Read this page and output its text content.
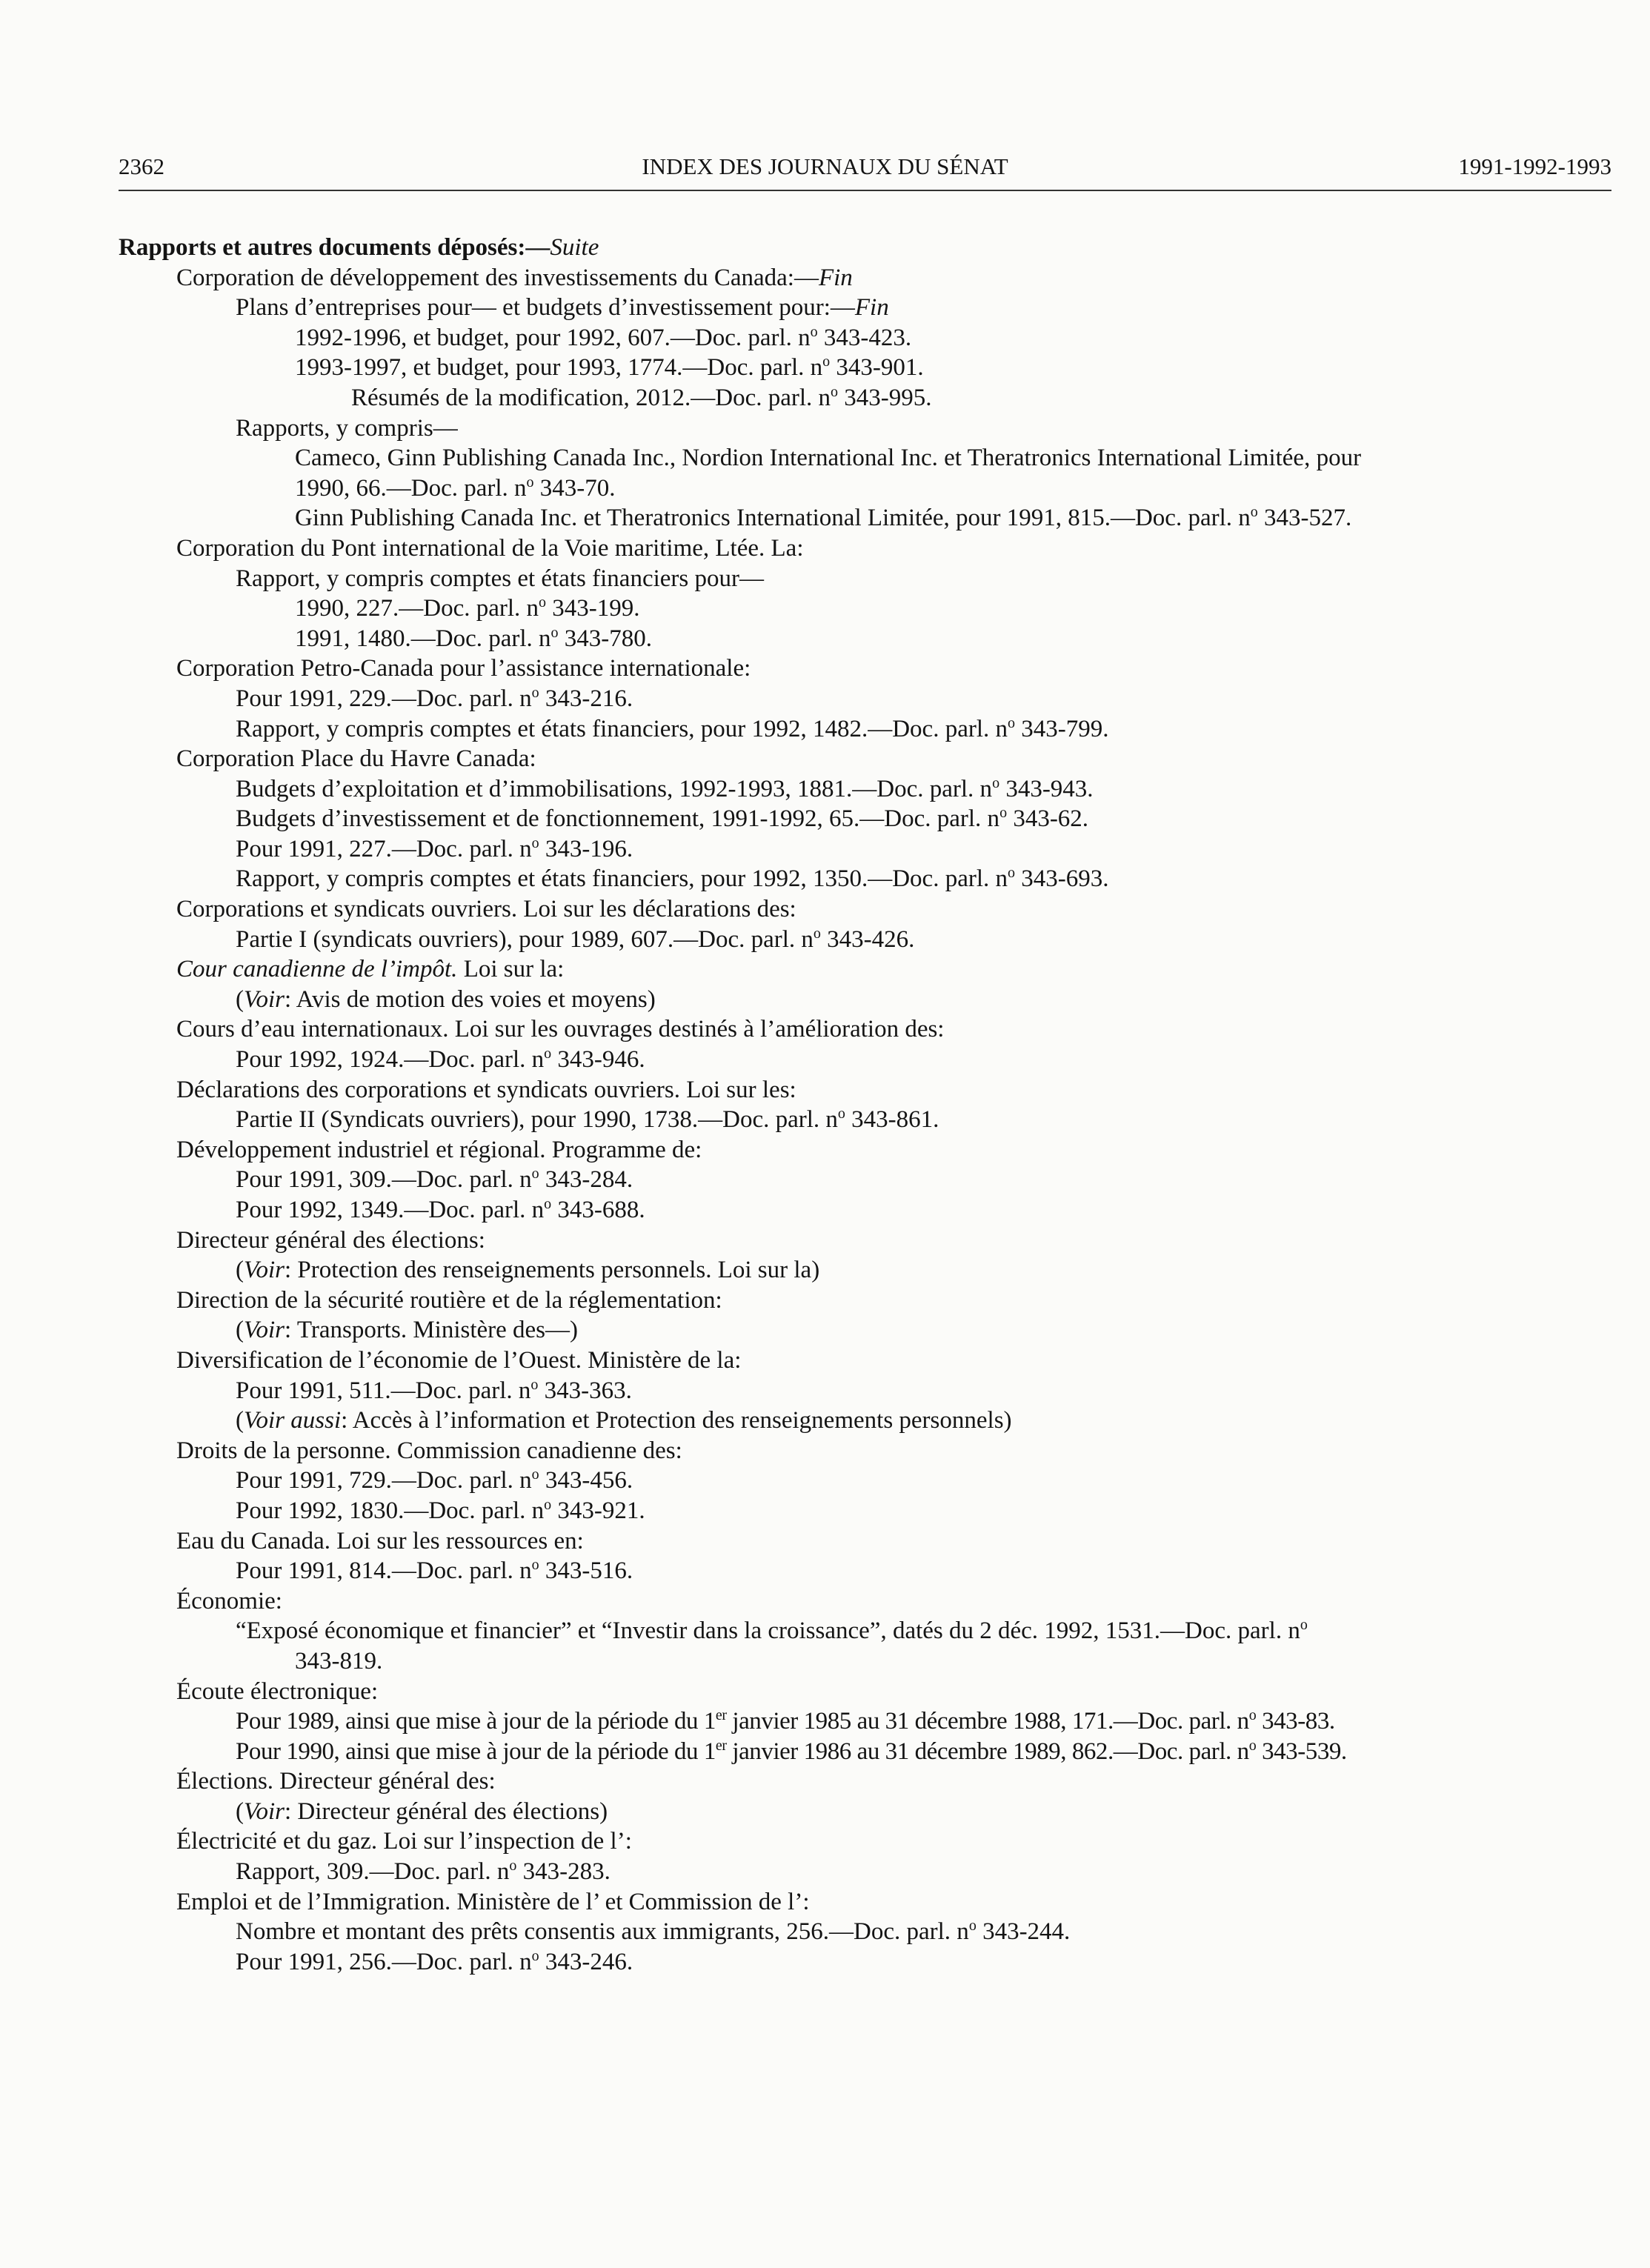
2362	INDEX DES JOURNAUX DU SÉNAT	1991-1992-1993
Rapports et autres documents déposés:—Suite
Corporation de développement des investissements du Canada:—Fin
Plans d’entreprises pour— et budgets d’investissement pour:—Fin
1992-1996, et budget, pour 1992, 607.—Doc. parl. $n^o$ 343-423.
1993-1997, et budget, pour 1993, 1774.—Doc. parl. $n^o$ 343-901.
Résumés de la modification, 2012.—Doc. parl. $n^o$ 343-995.
Rapports, y compris—
Cameco, Ginn Publishing Canada Inc., Nordion International Inc. et Theratronics International Limitée, pour
1990, 66.—Doc. parl. $n^o$ 343-70.
Ginn Publishing Canada Inc. et Theratronics International Limitée, pour 1991, 815.—Doc. parl. $n^o$ 343-527.
Corporation du Pont international de la Voie maritime, Ltée. La:
Rapport, y compris comptes et états financiers pour—
1990, 227.—Doc. parl. $n^o$ 343-199.
1991, 1480.—Doc. parl. $n^o$ 343-780.
Corporation Petro-Canada pour l’assistance internationale:
Pour 1991, 229.—Doc. parl. $n^o$ 343-216.
Rapport, y compris comptes et états financiers, pour 1992, 1482.—Doc. parl. $n^o$ 343-799.
Corporation Place du Havre Canada:
Budgets d’exploitation et d’immobilisations, 1992-1993, 1881.—Doc. parl. $n^o$ 343-943.
Budgets d’investissement et de fonctionnement, 1991-1992, 65.—Doc. parl. $n^o$ 343-62.
Pour 1991, 227.—Doc. parl. $n^o$ 343-196.
Rapport, y compris comptes et états financiers, pour 1992, 1350.—Doc. parl. $n^o$ 343-693.
Corporations et syndicats ouvriers. Loi sur les déclarations des:
Partie I (syndicats ouvriers), pour 1989, 607.—Doc. parl. $n^o$ 343-426.
Cour canadienne de l’impôt. Loi sur la:
(Voir: Avis de motion des voies et moyens)
Cours d’eau internationaux. Loi sur les ouvrages destinés à l’amélioration des:
Pour 1992, 1924.—Doc. parl. $n^o$ 343-946.
Déclarations des corporations et syndicats ouvriers. Loi sur les:
Partie II (Syndicats ouvriers), pour 1990, 1738.—Doc. parl. $n^o$ 343-861.
Développement industriel et régional. Programme de:
Pour 1991, 309.—Doc. parl. $n^o$ 343-284.
Pour 1992, 1349.—Doc. parl. $n^o$ 343-688.
Directeur général des élections:
(Voir: Protection des renseignements personnels. Loi sur la)
Direction de la sécurité routière et de la réglementation:
(Voir: Transports. Ministère des—)
Diversification de l’économie de l’Ouest. Ministère de la:
Pour 1991, 511.—Doc. parl. $n^o$ 343-363.
(Voir aussi: Accès à l’information et Protection des renseignements personnels)
Droits de la personne. Commission canadienne des:
Pour 1991, 729.—Doc. parl. $n^o$ 343-456.
Pour 1992, 1830.—Doc. parl. $n^o$ 343-921.
Eau du Canada. Loi sur les ressources en:
Pour 1991, 814.—Doc. parl. $n^o$ 343-516.
Économie:
“Exposé économique et financier” et “Investir dans la croissance”, datés du 2 déc. 1992, 1531.—Doc. parl. $n^o$
343-819.
Écoute électronique:
Pour 1989, ainsi que mise à jour de la période du 1er janvier 1985 au 31 décembre 1988, 171.—Doc. parl. $n^o$ 343-83.
Pour 1990, ainsi que mise à jour de la période du 1er janvier 1986 au 31 décembre 1989, 862.—Doc. parl. $n^o$ 343-539.
Élections. Directeur général des:
(Voir: Directeur général des élections)
Électricité et du gaz. Loi sur l’inspection de l’:
Rapport, 309.—Doc. parl. $n^o$ 343-283.
Emploi et de l’Immigration. Ministère de l’ et Commission de l’:
Nombre et montant des prêts consentis aux immigrants, 256.—Doc. parl. $n^o$ 343-244.
Pour 1991, 256.—Doc. parl. $n^o$ 343-246.
